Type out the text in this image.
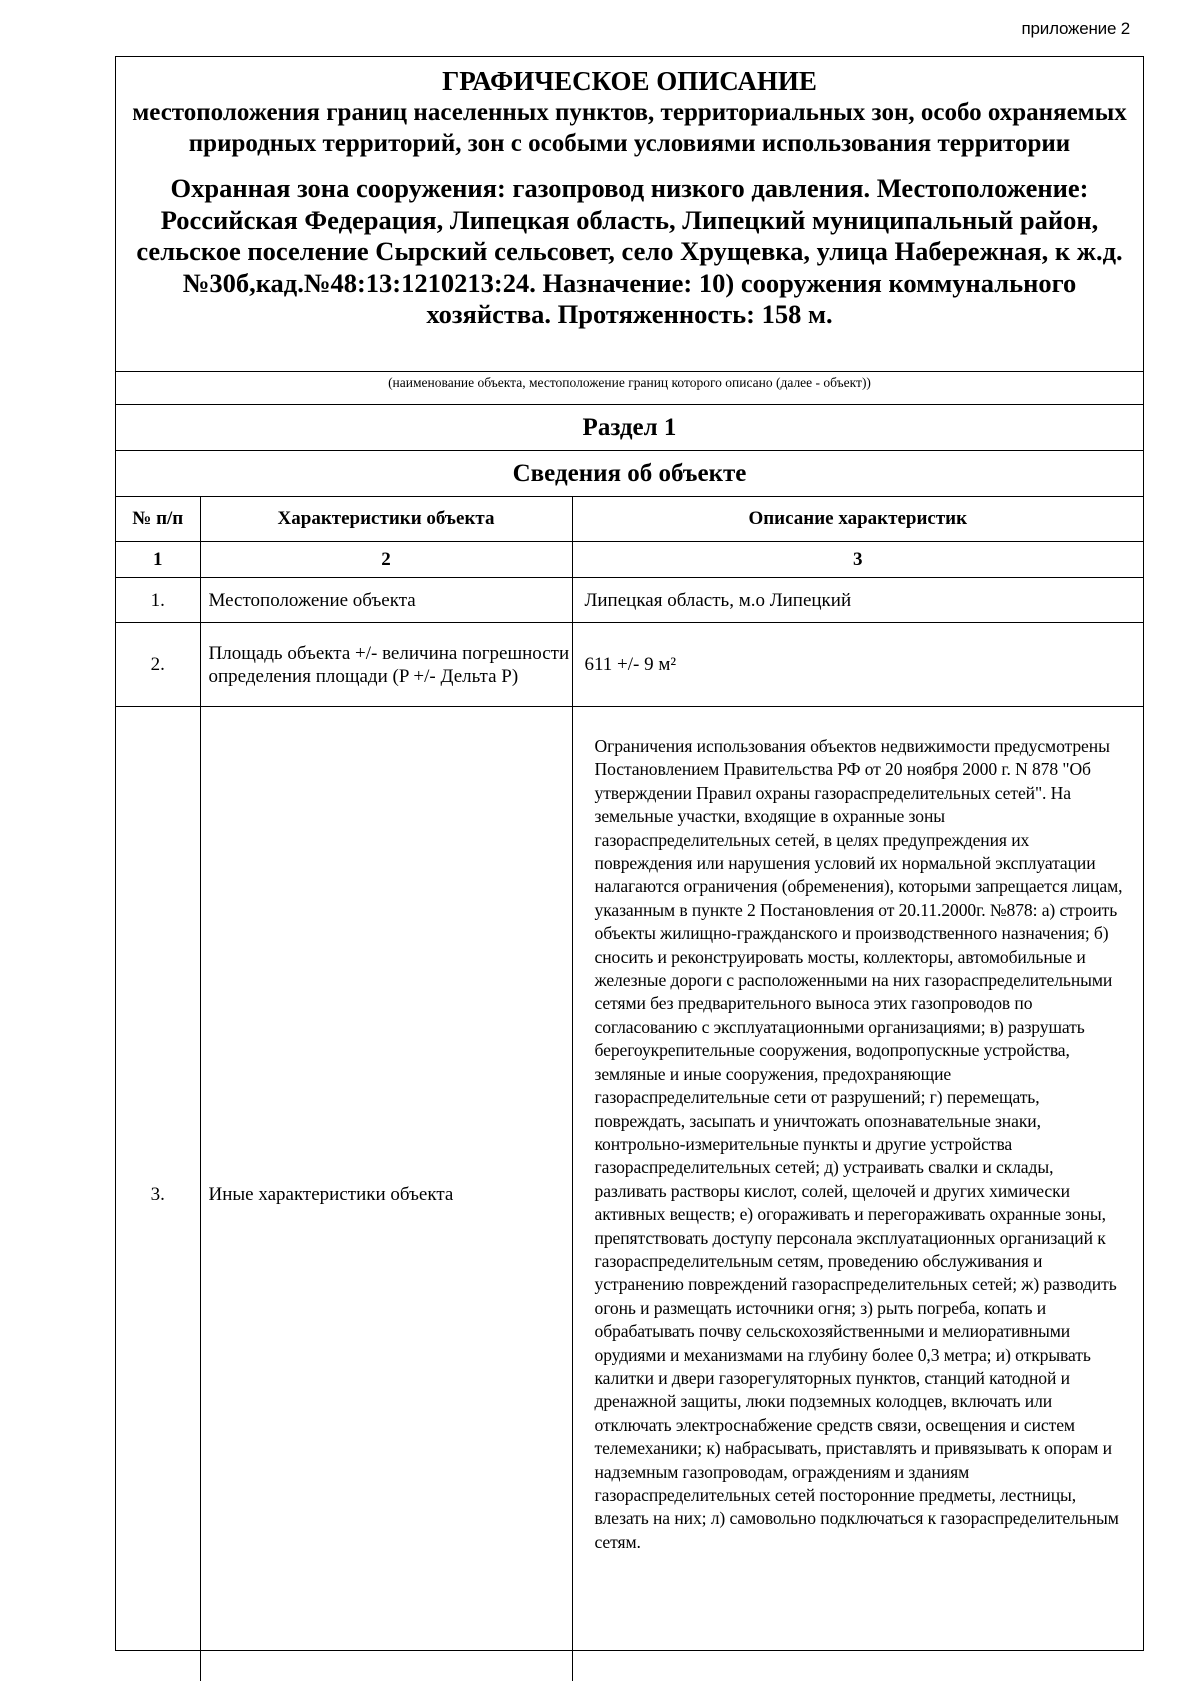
приложение 2
ГРАФИЧЕСКОЕ ОПИСАНИЕ
местоположения границ населенных пунктов, территориальных зон, особо охраняемых природных территорий, зон с особыми условиями использования территории
Охранная зона сооружения: газопровод низкого давления. Местоположение: Российская Федерация, Липецкая область, Липецкий муниципальный район, сельское поселение Сырский сельсовет, село Хрущевка, улица Набережная, к ж.д.№30б,кад.№48:13:1210213:24. Назначение: 10) сооружения коммунального хозяйства. Протяженность: 158 м.
(наименование объекта, местоположение границ которого описано (далее - объект))
Раздел 1		
Сведения об объекте		
№ п/п	Характеристики объекта	Описание характеристик
1	2	3
1.	Местоположение объекта	Липецкая область, м.о Липецкий
2.	Площадь объекта +/- величина погрешности определения площади (P +/- Дельта P)	611 +/- 9 м²
3.	Иные характеристики объекта	Ограничения использования объектов недвижимости предусмотрены Постановлением Правительства РФ от 20 ноября 2000 г. N 878 "Об утверждении Правил охраны газораспределительных сетей". На земельные участки, входящие в охранные зоны газораспределительных сетей, в целях предупреждения их повреждения или нарушения условий их нормальной эксплуатации налагаются ограничения (обременения), которыми запрещается лицам, указанным в пункте 2 Постановления от 20.11.2000г. №878: а) строить объекты жилищно-гражданского и производственного назначения; б) сносить и реконструировать мосты, коллекторы, автомобильные и железные дороги с расположенными на них газораспределительными сетями без предварительного выноса этих газопроводов по согласованию с эксплуатационными организациями; в) разрушать берегоукрепительные сооружения, водопропускные устройства, земляные и иные сооружения, предохраняющие газораспределительные сети от разрушений; г) перемещать, повреждать, засыпать и уничтожать опознавательные знаки, контрольно-измерительные пункты и другие устройства газораспределительных сетей; д) устраивать свалки и склады, разливать растворы кислот, солей, щелочей и других химически активных веществ; е) огораживать и перегораживать охранные зоны, препятствовать доступу персонала эксплуатационных организаций к газораспределительным сетям, проведению обслуживания и устранению повреждений газораспределительных сетей; ж) разводить огонь и размещать источники огня; з) рыть погреба, копать и обрабатывать почву сельскохозяйственными и мелиоративными орудиями и механизмами на глубину более 0,3 метра; и) открывать калитки и двери газорегуляторных пунктов, станций катодной и дренажной защиты, люки подземных колодцев, включать или отключать электроснабжение средств связи, освещения и систем телемеханики; к) набрасывать, приставлять и привязывать к опорам и надземным газопроводам, ограждениям и зданиям газораспределительных сетей посторонние предметы, лестницы, влезать на них; л) самовольно подключаться к газораспределительным сетям.
